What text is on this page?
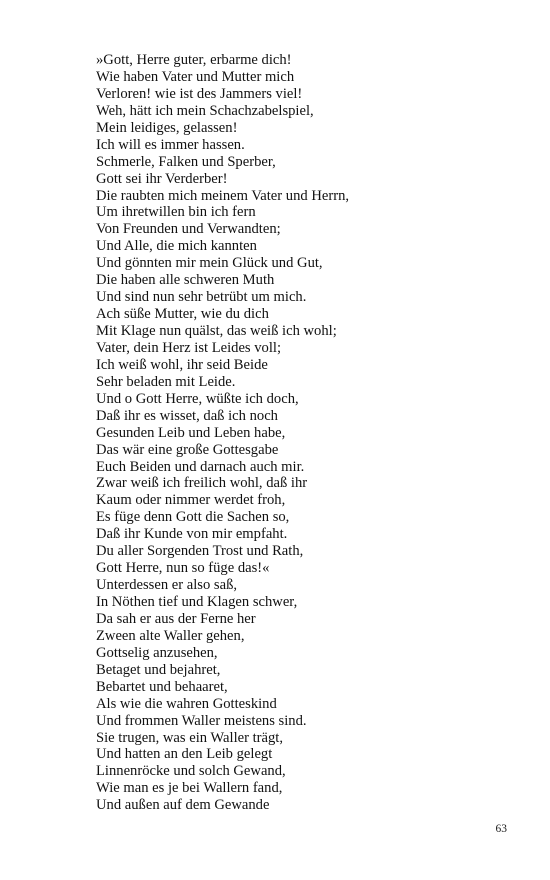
»Gott, Herre guter, erbarme dich!
Wie haben Vater und Mutter mich
Verloren! wie ist des Jammers viel!
Weh, hätt ich mein Schachzabelspiel,
Mein leidiges, gelassen!
Ich will es immer hassen.
Schmerle, Falken und Sperber,
Gott sei ihr Verderber!
Die raubten mich meinem Vater und Herrn,
Um ihretwillen bin ich fern
Von Freunden und Verwandten;
Und Alle, die mich kannten
Und gönnten mir mein Glück und Gut,
Die haben alle schweren Muth
Und sind nun sehr betrübt um mich.
Ach süße Mutter, wie du dich
Mit Klage nun quälst, das weiß ich wohl;
Vater, dein Herz ist Leides voll;
Ich weiß wohl, ihr seid Beide
Sehr beladen mit Leide.
Und o Gott Herre, wüßte ich doch,
Daß ihr es wisset, daß ich noch
Gesunden Leib und Leben habe,
Das wär eine große Gottesgabe
Euch Beiden und darnach auch mir.
Zwar weiß ich freilich wohl, daß ihr
Kaum oder nimmer werdet froh,
Es füge denn Gott die Sachen so,
Daß ihr Kunde von mir empfaht.
Du aller Sorgenden Trost und Rath,
Gott Herre, nun so füge das!«
Unterdessen er also saß,
In Nöthen tief und Klagen schwer,
Da sah er aus der Ferne her
Zween alte Waller gehen,
Gottselig anzusehen,
Betaget und bejahret,
Bebartet und behaaret,
Als wie die wahren Gotteskind
Und frommen Waller meistens sind.
Sie trugen, was ein Waller trägt,
Und hatten an den Leib gelegt
Linnenröcke und solch Gewand,
Wie man es je bei Wallern fand,
Und außen auf dem Gewande
63
